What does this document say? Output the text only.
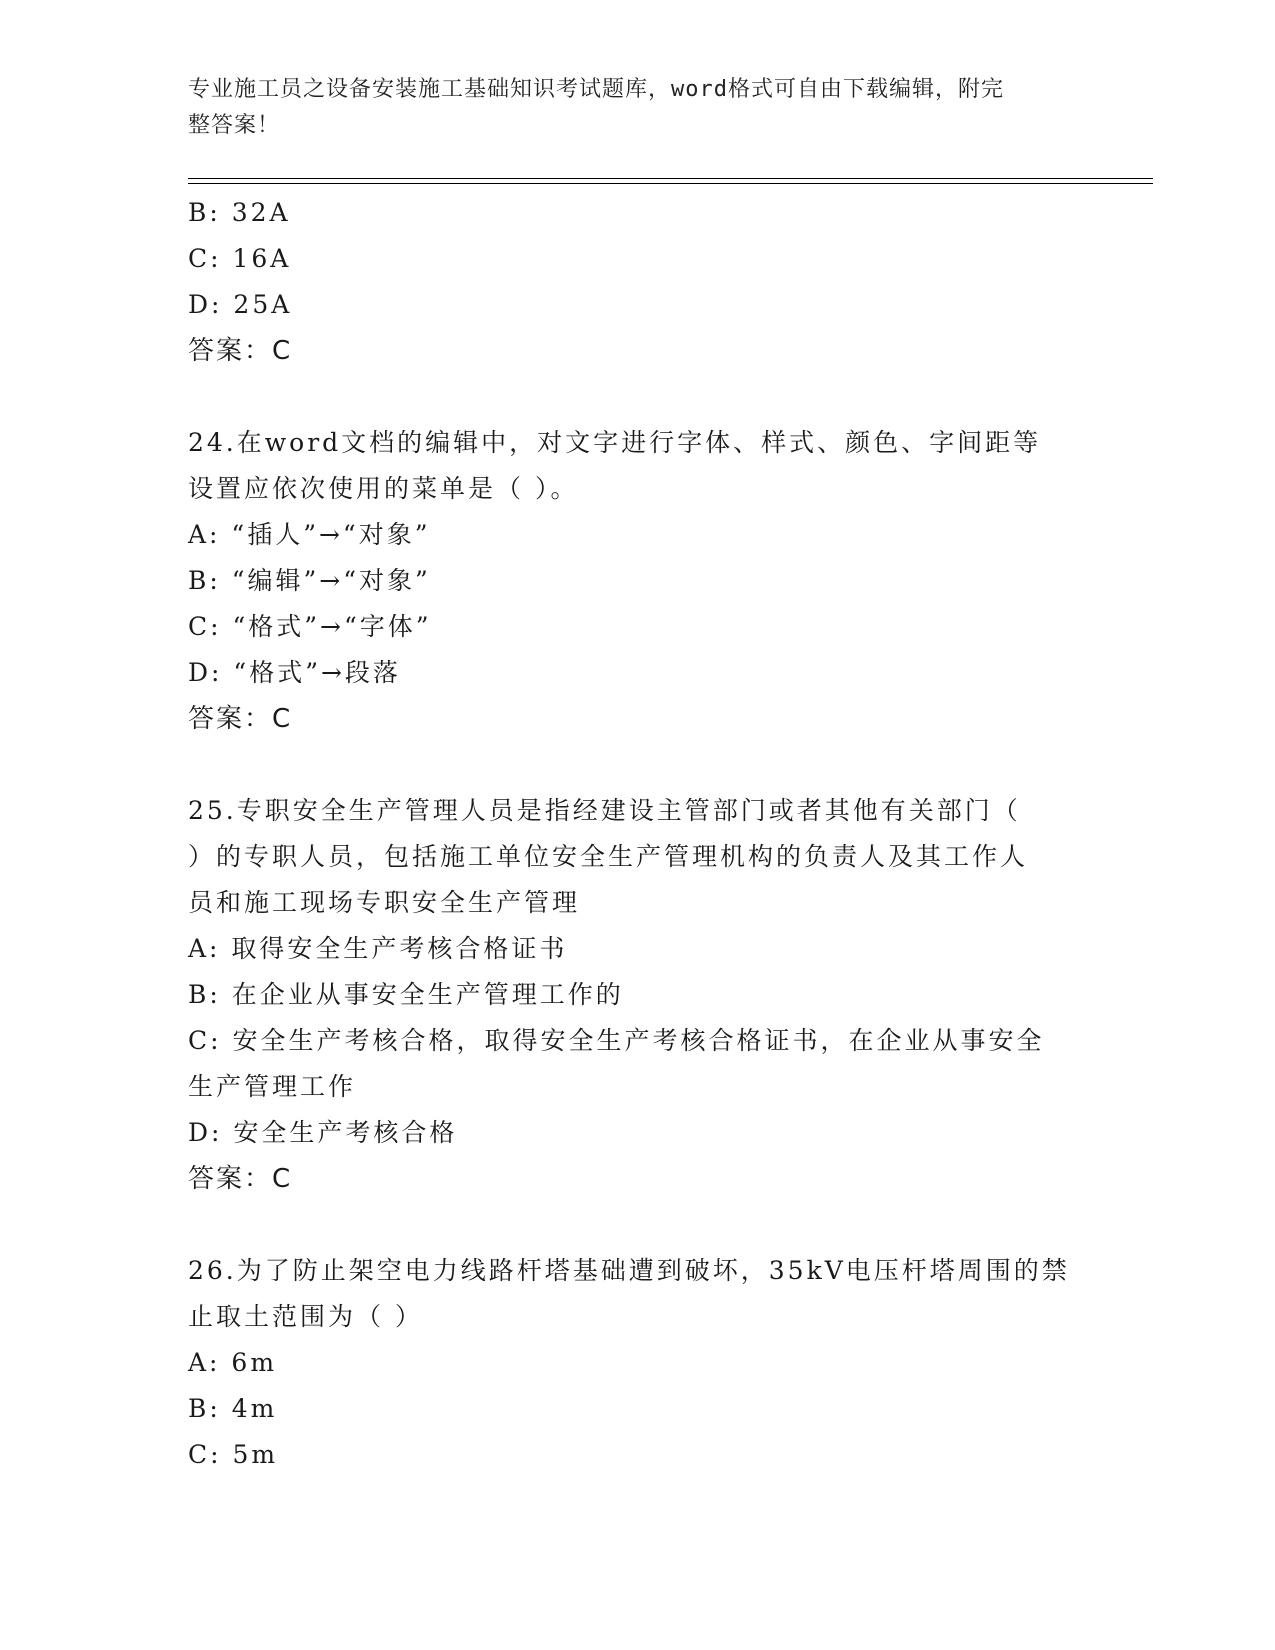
专业施工员之设备安装施工基础知识考试题库，word格式可自由下载编辑，附完
整答案！
B: 32A
C: 16A
D: 25A
答案：C
24.在word文档的编辑中，对文字进行字体、样式、颜色、字间距等
设置应依次使用的菜单是（ ）。
A: “插人”→“对象”
B: “编辑”→“对象”
C: “格式”→“字体”
D: “格式”→段落
答案：C
25.专职安全生产管理人员是指经建设主管部门或者其他有关部门（
）的专职人员，包括施工单位安全生产管理机构的负责人及其工作人
员和施工现场专职安全生产管理
A: 取得安全生产考核合格证书
B: 在企业从事安全生产管理工作的
C: 安全生产考核合格，取得安全生产考核合格证书，在企业从事安全
生产管理工作
D: 安全生产考核合格
答案：C
26.为了防止架空电力线路杆塔基础遭到破坏，35kV电压杆塔周围的禁
止取土范围为（ ）
A: 6m
B: 4m
C: 5m
